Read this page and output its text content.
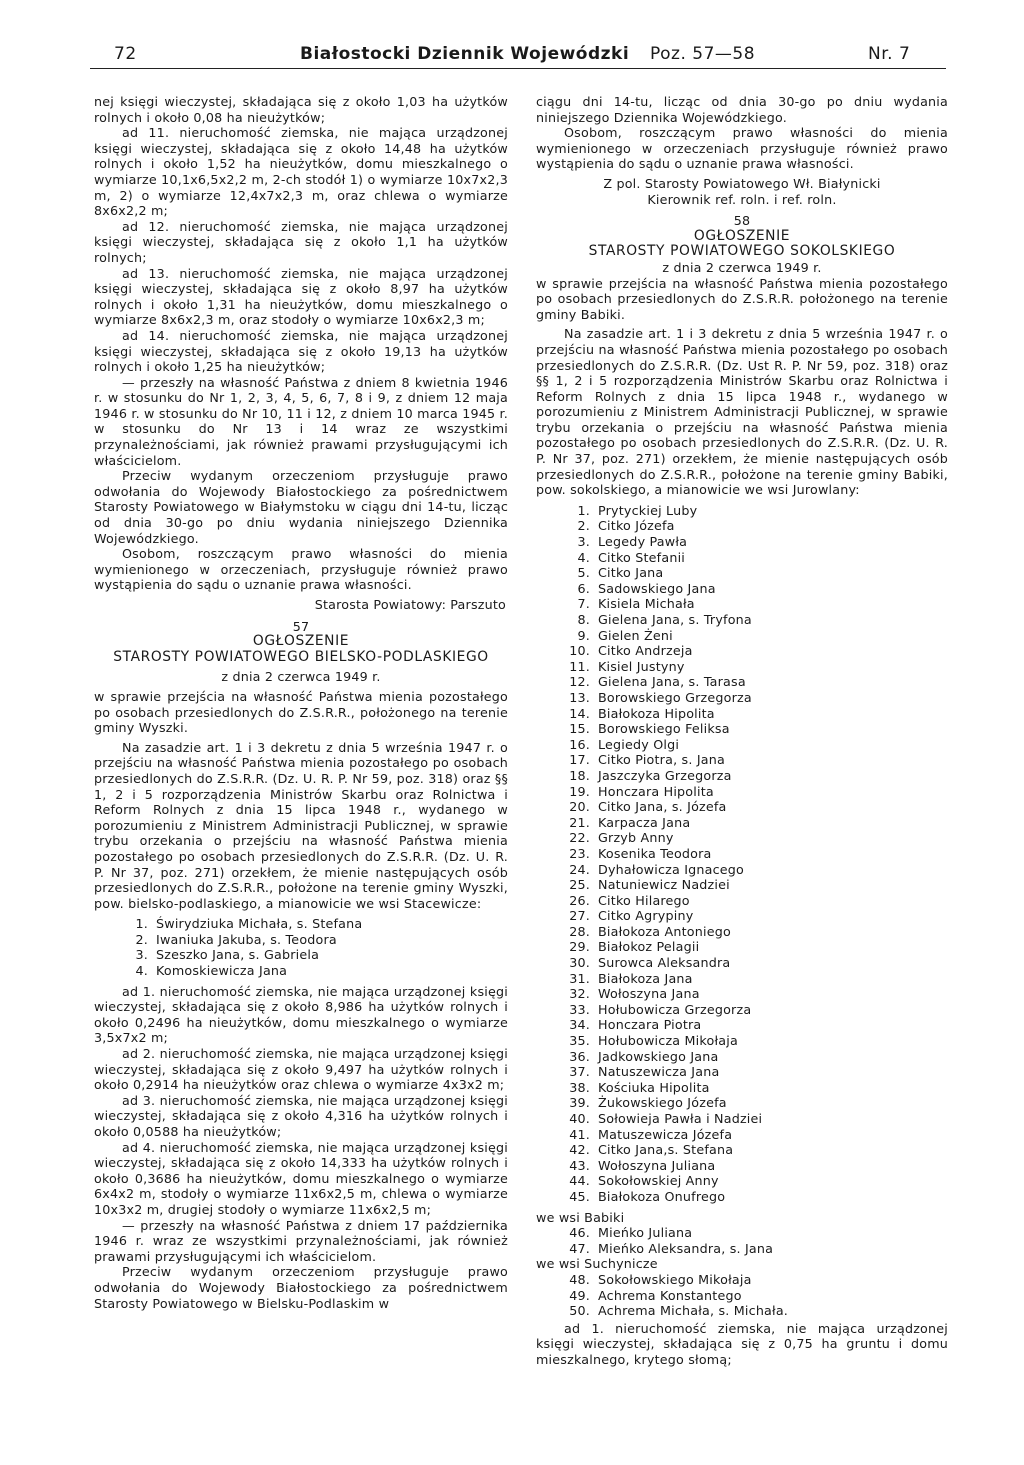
72	Białostocki Dziennik Wojewódzki Poz. 57—58	Nr. 7

nej księgi wieczystej, składająca się z około 1,03 ha użytków rolnych i około 0,08 ha nieużytków;

ad 11. nieruchomość ziemska, nie mająca urządzonej księgi wieczystej, składająca się z około 14,48 ha użytków rolnych i około 1,52 ha nieużytków, domu mieszkalnego o wymiarze 10,1x6,5x2,2 m, 2-ch stodół 1) o wymiarze 10x7x2,3 m, 2) o wymiarze 12,4x7x2,3 m, oraz chlewa o wymiarze 8x6x2,2 m;

ad 12. nieruchomość ziemska, nie mająca urządzonej księgi wieczystej, składająca się z około 1,1 ha użytków rolnych;

ad 13. nieruchomość ziemska, nie mająca urządzonej księgi wieczystej, składająca się z około 8,97 ha użytków rolnych i około 1,31 ha nieużytków, domu mieszkalnego o wymiarze 8x6x2,3 m, oraz stodoły o wymiarze 10x6x2,3 m;

ad 14. nieruchomość ziemska, nie mająca urządzonej księgi wieczystej, składająca się z około 19,13 ha użytków rolnych i około 1,25 ha nieużytków;

— przeszły na własność Państwa z dniem 8 kwietnia 1946 r. w stosunku do Nr 1, 2, 3, 4, 5, 6, 7, 8 i 9, z dniem 12 maja 1946 r. w stosunku do Nr 10, 11 i 12, z dniem 10 marca 1945 r. w stosunku do Nr 13 i 14 wraz ze wszystkimi przynależnościami, jak również prawami przysługującymi ich właścicielom.

Przeciw wydanym orzeczeniom przysługuje prawo odwołania do Wojewody Białostockiego za pośrednictwem Starosty Powiatowego w Białymstoku w ciągu dni 14-tu, licząc od dnia 30-go po dniu wydania niniejszego Dziennika Wojewódzkiego.

Osobom, roszczącym prawo własności do mienia wymienionego w orzeczeniach, przysługuje również prawo wystąpienia do sądu o uznanie prawa własności.

Starosta Powiatowy: Parszuto

57

OGŁOSZENIE

STAROSTY POWIATOWEGO BIELSKO-PODLASKIEGO

z dnia 2 czerwca 1949 r.

w sprawie przejścia na własność Państwa mienia pozostałego po osobach przesiedlonych do Z.S.R.R., położonego na terenie gminy Wyszki.

Na zasadzie art. 1 i 3 dekretu z dnia 5 września 1947 r. o przejściu na własność Państwa mienia pozostałego po osobach przesiedlonych do Z.S.R.R. (Dz. U. R. P. Nr 59, poz. 318) oraz §§ 1, 2 i 5 rozporządzenia Ministrów Skarbu oraz Rolnictwa i Reform Rolnych z dnia 15 lipca 1948 r., wydanego w porozumieniu z Ministrem Administracji Publicznej, w sprawie trybu orzekania o przejściu na własność Państwa mienia pozostałego po osobach przesiedlonych do Z.S.R.R. (Dz. U. R. P. Nr 37, poz. 271) orzekłem, że mienie następujących osób przesiedlonych do Z.S.R.R., położone na terenie gminy Wyszki, pow. bielsko-podlaskiego, a mianowicie we wsi Stacewicze:

1. Świrydziuka Michała, s. Stefana
2. Iwaniuka Jakuba, s. Teodora
3. Szeszko Jana, s. Gabriela
4. Komoskiewicza Jana

ad 1. nieruchomość ziemska, nie mająca urządzonej księgi wieczystej, składająca się z około 8,986 ha użytków rolnych i około 0,2496 ha nieużytków, domu mieszkalnego o wymiarze 3,5x7x2 m;

ad 2. nieruchomość ziemska, nie mająca urządzonej księgi wieczystej, składająca się z około 9,497 ha użytków rolnych i około 0,2914 ha nieużytków oraz chlewa o wymiarze 4x3x2 m;

ad 3. nieruchomość ziemska, nie mająca urządzonej księgi wieczystej, składająca się z około 4,316 ha użytków rolnych i około 0,0588 ha nieużytków;

ad 4. nieruchomość ziemska, nie mająca urządzonej księgi wieczystej, składająca się z około 14,333 ha użytków rolnych i około 0,3686 ha nieużytków, domu mieszkalnego o wymiarze 6x4x2 m, stodoły o wymiarze 11x6x2,5 m, chlewa o wymiarze 10x3x2 m, drugiej stodoły o wymiarze 11x6x2,5 m;

— przeszły na własność Państwa z dniem 17 października 1946 r. wraz ze wszystkimi przynależnościami, jak również prawami przysługującymi ich właścicielom.

Przeciw wydanym orzeczeniom przysługuje prawo odwołania do Wojewody Białostockiego za pośrednictwem Starosty Powiatowego w Bielsku-Podlaskim w

ciągu dni 14-tu, licząc od dnia 30-go po dniu wydania niniejszego Dziennika Wojewódzkiego.

Osobom, roszczącym prawo własności do mienia wymienionego w orzeczeniach przysługuje również prawo wystąpienia do sądu o uznanie prawa własności.

Z pol. Starosty Powiatowego Wł. Białynicki

Kierownik ref. roln. i ref. roln.

58

OGŁOSZENIE

STAROSTY POWIATOWEGO SOKOLSKIEGO

z dnia 2 czerwca 1949 r.

w sprawie przejścia na własność Państwa mienia pozostałego po osobach przesiedlonych do Z.S.R.R. położonego na terenie gminy Babiki.

Na zasadzie art. 1 i 3 dekretu z dnia 5 września 1947 r. o przejściu na własność Państwa mienia pozostałego po osobach przesiedlonych do Z.S.R.R. (Dz. Ust R. P. Nr 59, poz. 318) oraz §§ 1, 2 i 5 rozporządzenia Ministrów Skarbu oraz Rolnictwa i Reform Rolnych z dnia 15 lipca 1948 r., wydanego w porozumieniu z Ministrem Administracji Publicznej, w sprawie trybu orzekania o przejściu na własność Państwa mienia pozostałego po osobach przesiedlonych do Z.S.R.R. (Dz. U. R. P. Nr 37, poz. 271) orzekłem, że mienie następujących osób przesiedlonych do Z.S.R.R., położone na terenie gminy Babiki, pow. sokolskiego, a mianowicie we wsi Jurowlany:

1. Prytyckiej Luby
2. Citko Józefa
3. Legedy Pawła
4. Citko Stefanii
5. Citko Jana
6. Sadowskiego Jana
7. Kisiela Michała
8. Gielena Jana, s. Tryfona
9. Gielen Żeni
10. Citko Andrzeja
11. Kisiel Justyny
12. Gielena Jana, s. Tarasa
13. Borowskiego Grzegorza
14. Białokoza Hipolita
15. Borowskiego Feliksa
16. Legiedy Olgi
17. Citko Piotra, s. Jana
18. Jaszczyka Grzegorza
19. Honczara Hipolita
20. Citko Jana, s. Józefa
21. Karpacza Jana
22. Grzyb Anny
23. Kosenika Teodora
24. Dyhałowicza Ignacego
25. Natuniewicz Nadziei
26. Citko Hilarego
27. Citko Agrypiny
28. Białokoza Antoniego
29. Białokoz Pelagii
30. Surowca Aleksandra
31. Białokoza Jana
32. Wołoszyna Jana
33. Hołubowicza Grzegorza
34. Honczara Piotra
35. Hołubowicza Mikołaja
36. Jadkowskiego Jana
37. Natuszewicza Jana
38. Kościuka Hipolita
39. Żukowskiego Józefa
40. Sołowieja Pawła i Nadziei
41. Matuszewicza Józefa
42. Citko Jana,s. Stefana
43. Wołoszyna Juliana
44. Sokołowskiej Anny
45. Białokoza Onufrego

we wsi Babiki

46. Mieńko Juliana
47. Mieńko Aleksandra, s. Jana

we wsi Suchynicze

48. Sokołowskiego Mikołaja
49. Achrema Konstantego
50. Achrema Michała, s. Michała.

ad 1. nieruchomość ziemska, nie mająca urządzonej księgi wieczystej, składająca się z 0,75 ha gruntu i domu mieszkalnego, krytego słomą;
